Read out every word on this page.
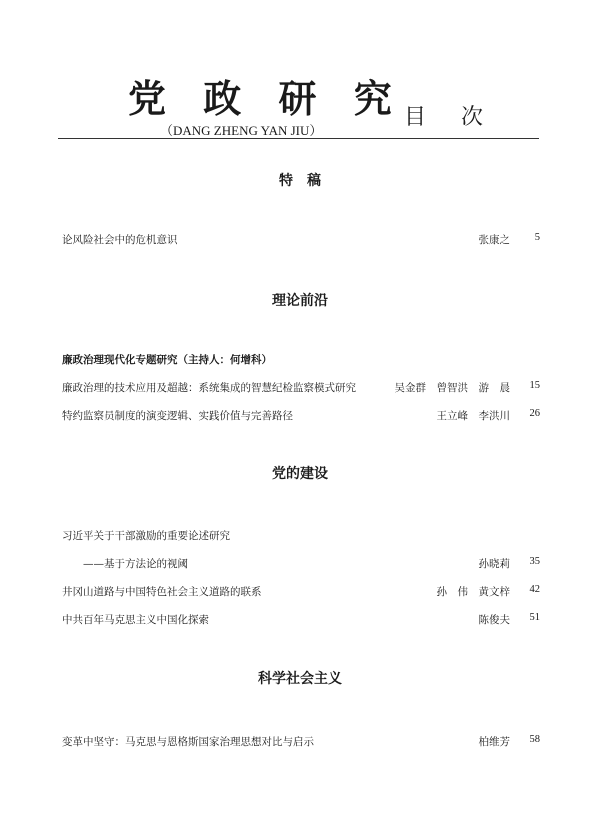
党 政 研 究
（DANG ZHENG YAN JIU）
目 次
特　稿
论风险社会中的危机意识	张康之 5
理论前沿
廉政治理现代化专题研究（主持人：何增科）
廉政治理的技术应用及超越：系统集成的智慧纪检监察模式研究	吴金群　曾智洪　游　晨 15
特约监察员制度的演变逻辑、实践价值与完善路径	王立峰　李洪川 26
党的建设
习近平关于干部激励的重要论述研究
　　——基于方法论的视阈	孙晓莉 35
井冈山道路与中国特色社会主义道路的联系	孙　伟　黄文梓 42
中共百年马克思主义中国化探索	陈俊夫 51
科学社会主义
变革中坚守：马克思与恩格斯国家治理思想对比与启示	柏维芳 58
